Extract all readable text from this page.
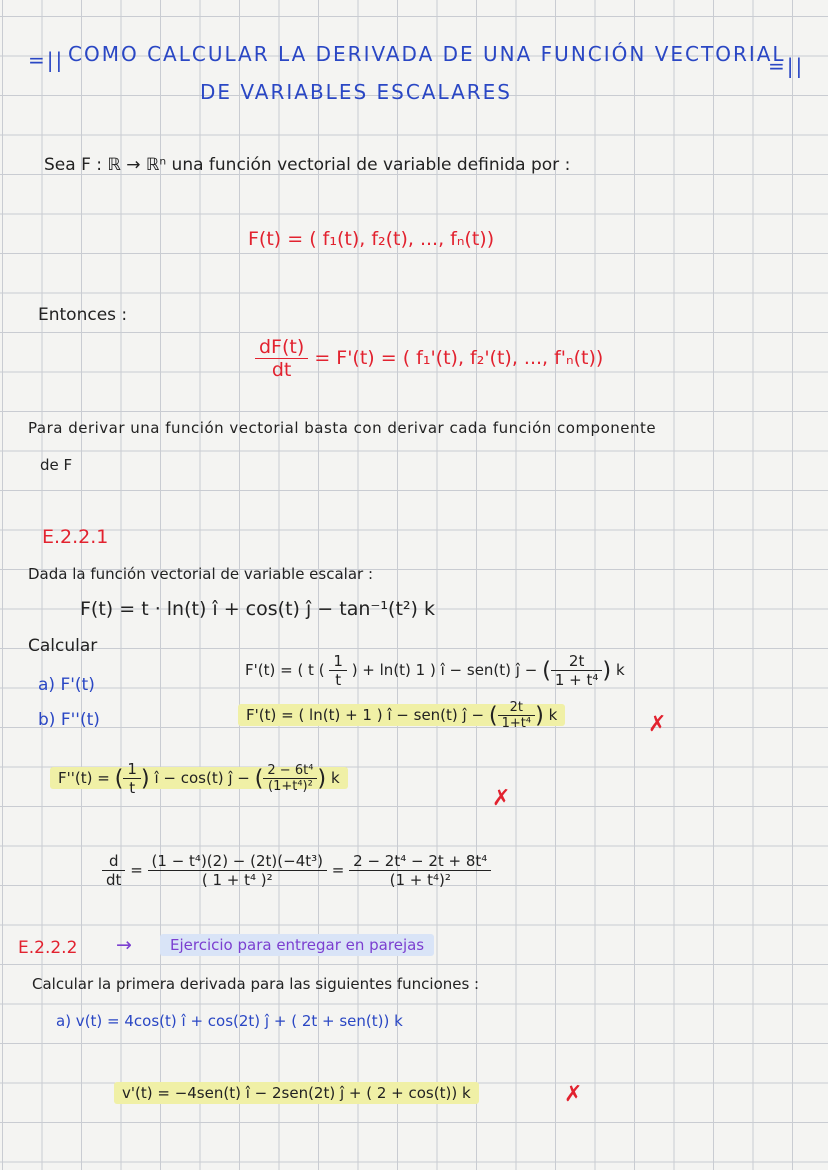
=|| COMO CALCULAR LA DERIVADA DE UNA FUNCIÓN VECTORIAL
DE VARIABLES ESCALARES
=||
Sea F : ℝ → ℝⁿ una función vectorial de variable definida por :
F(t) = ( f₁(t), f₂(t), ..., fₙ(t))
Entonces :
$\frac{dF(t)}{dt} = F'(t)$ = ( f₁'(t), f₂'(t), ..., f'ₙ(t))
Para derivar una función vectorial basta con derivar cada función componente
de F
E.2.2.1
Dada la función vectorial de variable escalar :
F(t) = t · ln(t) î + cos(t) ĵ − tan⁻¹(t²) k
Calcular
a) F'(t)
b) F''(t)
F'(t) = ( t ( $\frac{1}{t}$ ) + ln(t) 1 ) î − sen(t) ĵ − ( $\frac{2t}{\text{1 + t⁴}}$ ) k
F'(t) = ( ln(t) + 1 ) î − sen(t) ĵ − ( $\frac{2t}{\text{1+t⁴}}$ ) k	✗
F''(t) = ( $\frac{1}{t}$ ) î − cos(t) ĵ − ( $\frac{\text{2 − 6t⁴}}{\text{(1+t⁴)²}}$ ) k
✗
$\frac{d}{dt} = \frac{\text{(1 − t⁴)(2) − (2t)(−4t³)}}{\text{( 1 + t⁴ )²}} = \frac{\text{2 − 2t⁴ − 2t + 8t⁴}}{\text{(1 + t⁴)²}}$
E.2.2.2 →	Ejercicio para entregar en parejas
Calcular la primera derivada para las siguientes funciones :
a) v(t) = 4cos(t) î + cos(2t) ĵ + ( 2t + sen(t)) k
v'(t) = −4sen(t) î − 2sen(2t) ĵ + ( 2 + cos(t)) k	✗
